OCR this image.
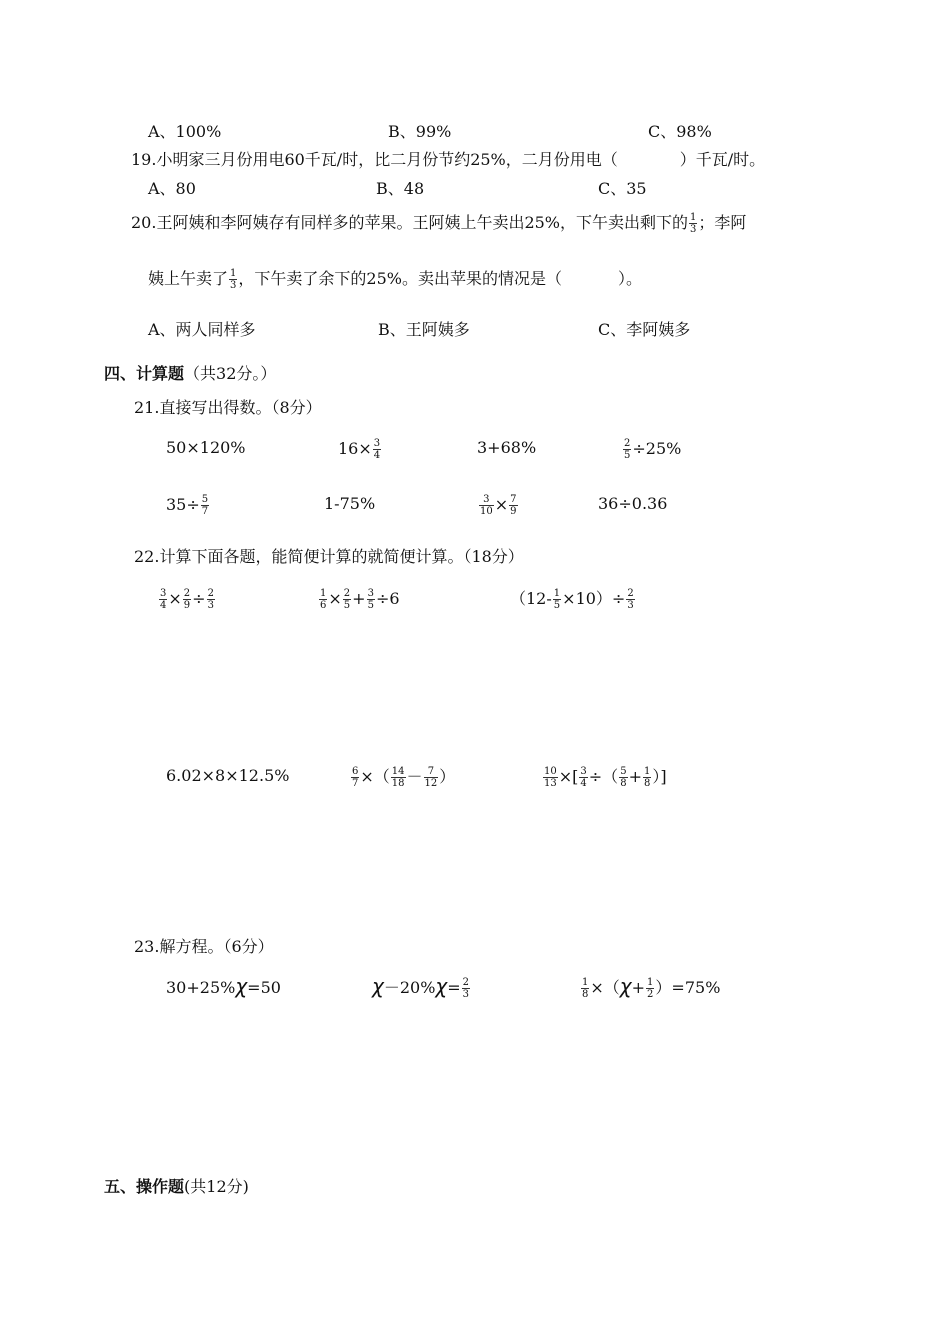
A、100%	B、99%	C、98%
19.小明家三月份用电60千瓦/时，比二月份节约25%，二月份用电（	）千瓦/时。
A、80	B、48	C、35
20.王阿姨和李阿姨存有同样多的苹果。王阿姨上午卖出25%，下午卖出剩下的 $\frac{1}{3}$ ；李阿
姨上午卖了 $\frac{1}{3}$ ，下午卖了余下的25%。卖出苹果的情况是（	）。
A、两人同样多	B、王阿姨多	C、李阿姨多
四、计算题（共32分。）
21.直接写出得数。（8分）
50×120%	$16\times \frac{3}{4}$	3+68%	$\frac{2}{5} \div 25\%$
$35\div \frac{5}{7}$	1-75%	$\frac{3}{10} \times \frac{7}{9}$	36÷0.36
22.计算下面各题，能简便计算的就简便计算。（18分）
$\frac{3}{4} \times \frac{2}{9} \div \frac{2}{3}$	$\frac{1}{6} \times \frac{2}{5} + \frac{3}{5} \div 6$	$(12- \frac{1}{5} \times 10)\div \frac{2}{3}$
6.02×8×12.5%	$\frac{6}{7}$ ×（ $\frac{14}{18} - \frac{7}{12}$ ）	$\frac{10}{13}$ ×[ $\frac{3}{4}$ ÷（ $\frac{5}{8} + \frac{1}{8}$ ）]
23.解方程。（6分）
30+25%χ=50	$\chi-20\%\chi= \frac{2}{3}$	$\frac{1}{8} \times(\chi+ \frac{1}{2} )=75\%$
五、操作题(共12分)
